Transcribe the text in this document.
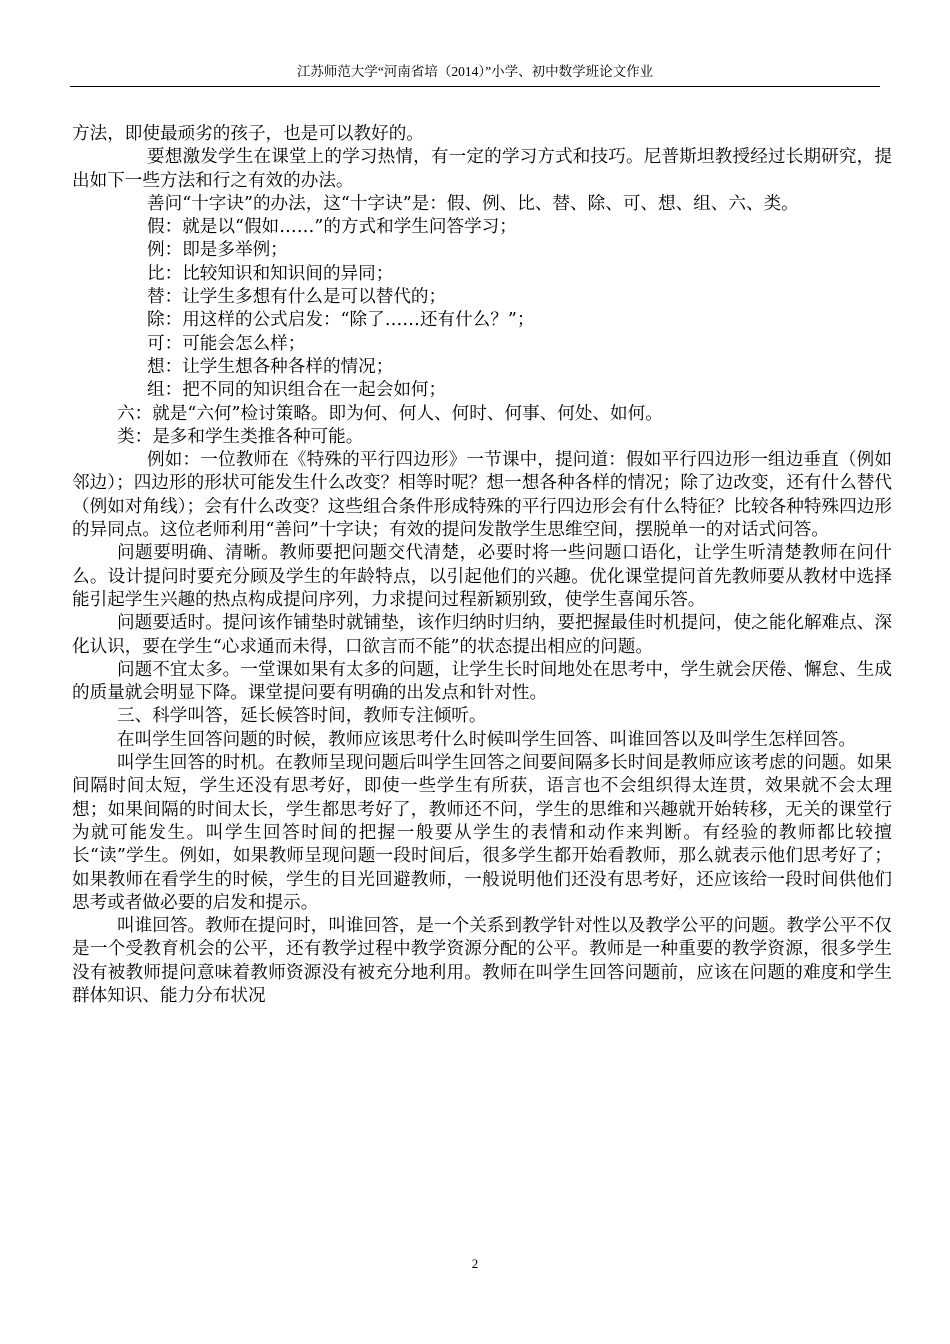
江苏师范大学“河南省培（2014）”小学、初中数学班论文作业

方法，即使最顽劣的孩子，也是可以教好的。

要想激发学生在课堂上的学习热情，有一定的学习方式和技巧。尼普斯坦教授经过长期研究，提出如下一些方法和行之有效的办法。

善问“十字诀”的办法，这“十字诀”是：假、例、比、替、除、可、想、组、六、类。

假：就是以“假如……”的方式和学生问答学习；

例：即是多举例；

比：比较知识和知识间的异同；

替：让学生多想有什么是可以替代的；

除：用这样的公式启发：“除了……还有什么？”；

可：可能会怎么样；

想：让学生想各种各样的情况；

组：把不同的知识组合在一起会如何；

六：就是“六何”检讨策略。即为何、何人、何时、何事、何处、如何。

类：是多和学生类推各种可能。

例如：一位教师在《特殊的平行四边形》一节课中，提问道：假如平行四边形一组边垂直（例如邻边）；四边形的形状可能发生什么改变？相等时呢？想一想各种各样的情况；除了边改变，还有什么替代（例如对角线）；会有什么改变？这些组合条件形成特殊的平行四边形会有什么特征？比较各种特殊四边形的异同点。这位老师利用“善问”十字诀；有效的提问发散学生思维空间，摆脱单一的对话式问答。

问题要明确、清晰。教师要把问题交代清楚，必要时将一些问题口语化，让学生听清楚教师在问什么。设计提问时要充分顾及学生的年龄特点，以引起他们的兴趣。优化课堂提问首先教师要从教材中选择能引起学生兴趣的热点构成提问序列，力求提问过程新颖别致，使学生喜闻乐答。

问题要适时。提问该作铺垫时就铺垫，该作归纳时归纳，要把握最佳时机提问，使之能化解难点、深化认识，要在学生“心求通而未得，口欲言而不能”的状态提出相应的问题。

问题不宜太多。一堂课如果有太多的问题，让学生长时间地处在思考中，学生就会厌倦、懈怠、生成的质量就会明显下降。课堂提问要有明确的出发点和针对性。

三、科学叫答，延长候答时间，教师专注倾听。

在叫学生回答问题的时候，教师应该思考什么时候叫学生回答、叫谁回答以及叫学生怎样回答。

叫学生回答的时机。在教师呈现问题后叫学生回答之间要间隔多长时间是教师应该考虑的问题。如果间隔时间太短，学生还没有思考好，即使一些学生有所获，语言也不会组织得太连贯，效果就不会太理想；如果间隔的时间太长，学生都思考好了，教师还不问，学生的思维和兴趣就开始转移，无关的课堂行为就可能发生。叫学生回答时间的把握一般要从学生的表情和动作来判断。有经验的教师都比较擅长“读”学生。例如，如果教师呈现问题一段时间后，很多学生都开始看教师，那么就表示他们思考好了；如果教师在看学生的时候，学生的目光回避教师，一般说明他们还没有思考好，还应该给一段时间供他们思考或者做必要的启发和提示。

叫谁回答。教师在提问时，叫谁回答，是一个关系到教学针对性以及教学公平的问题。教学公平不仅是一个受教育机会的公平，还有教学过程中教学资源分配的公平。教师是一种重要的教学资源，很多学生没有被教师提问意味着教师资源没有被充分地利用。教师在叫学生回答问题前，应该在问题的难度和学生群体知识、能力分布状况

2
